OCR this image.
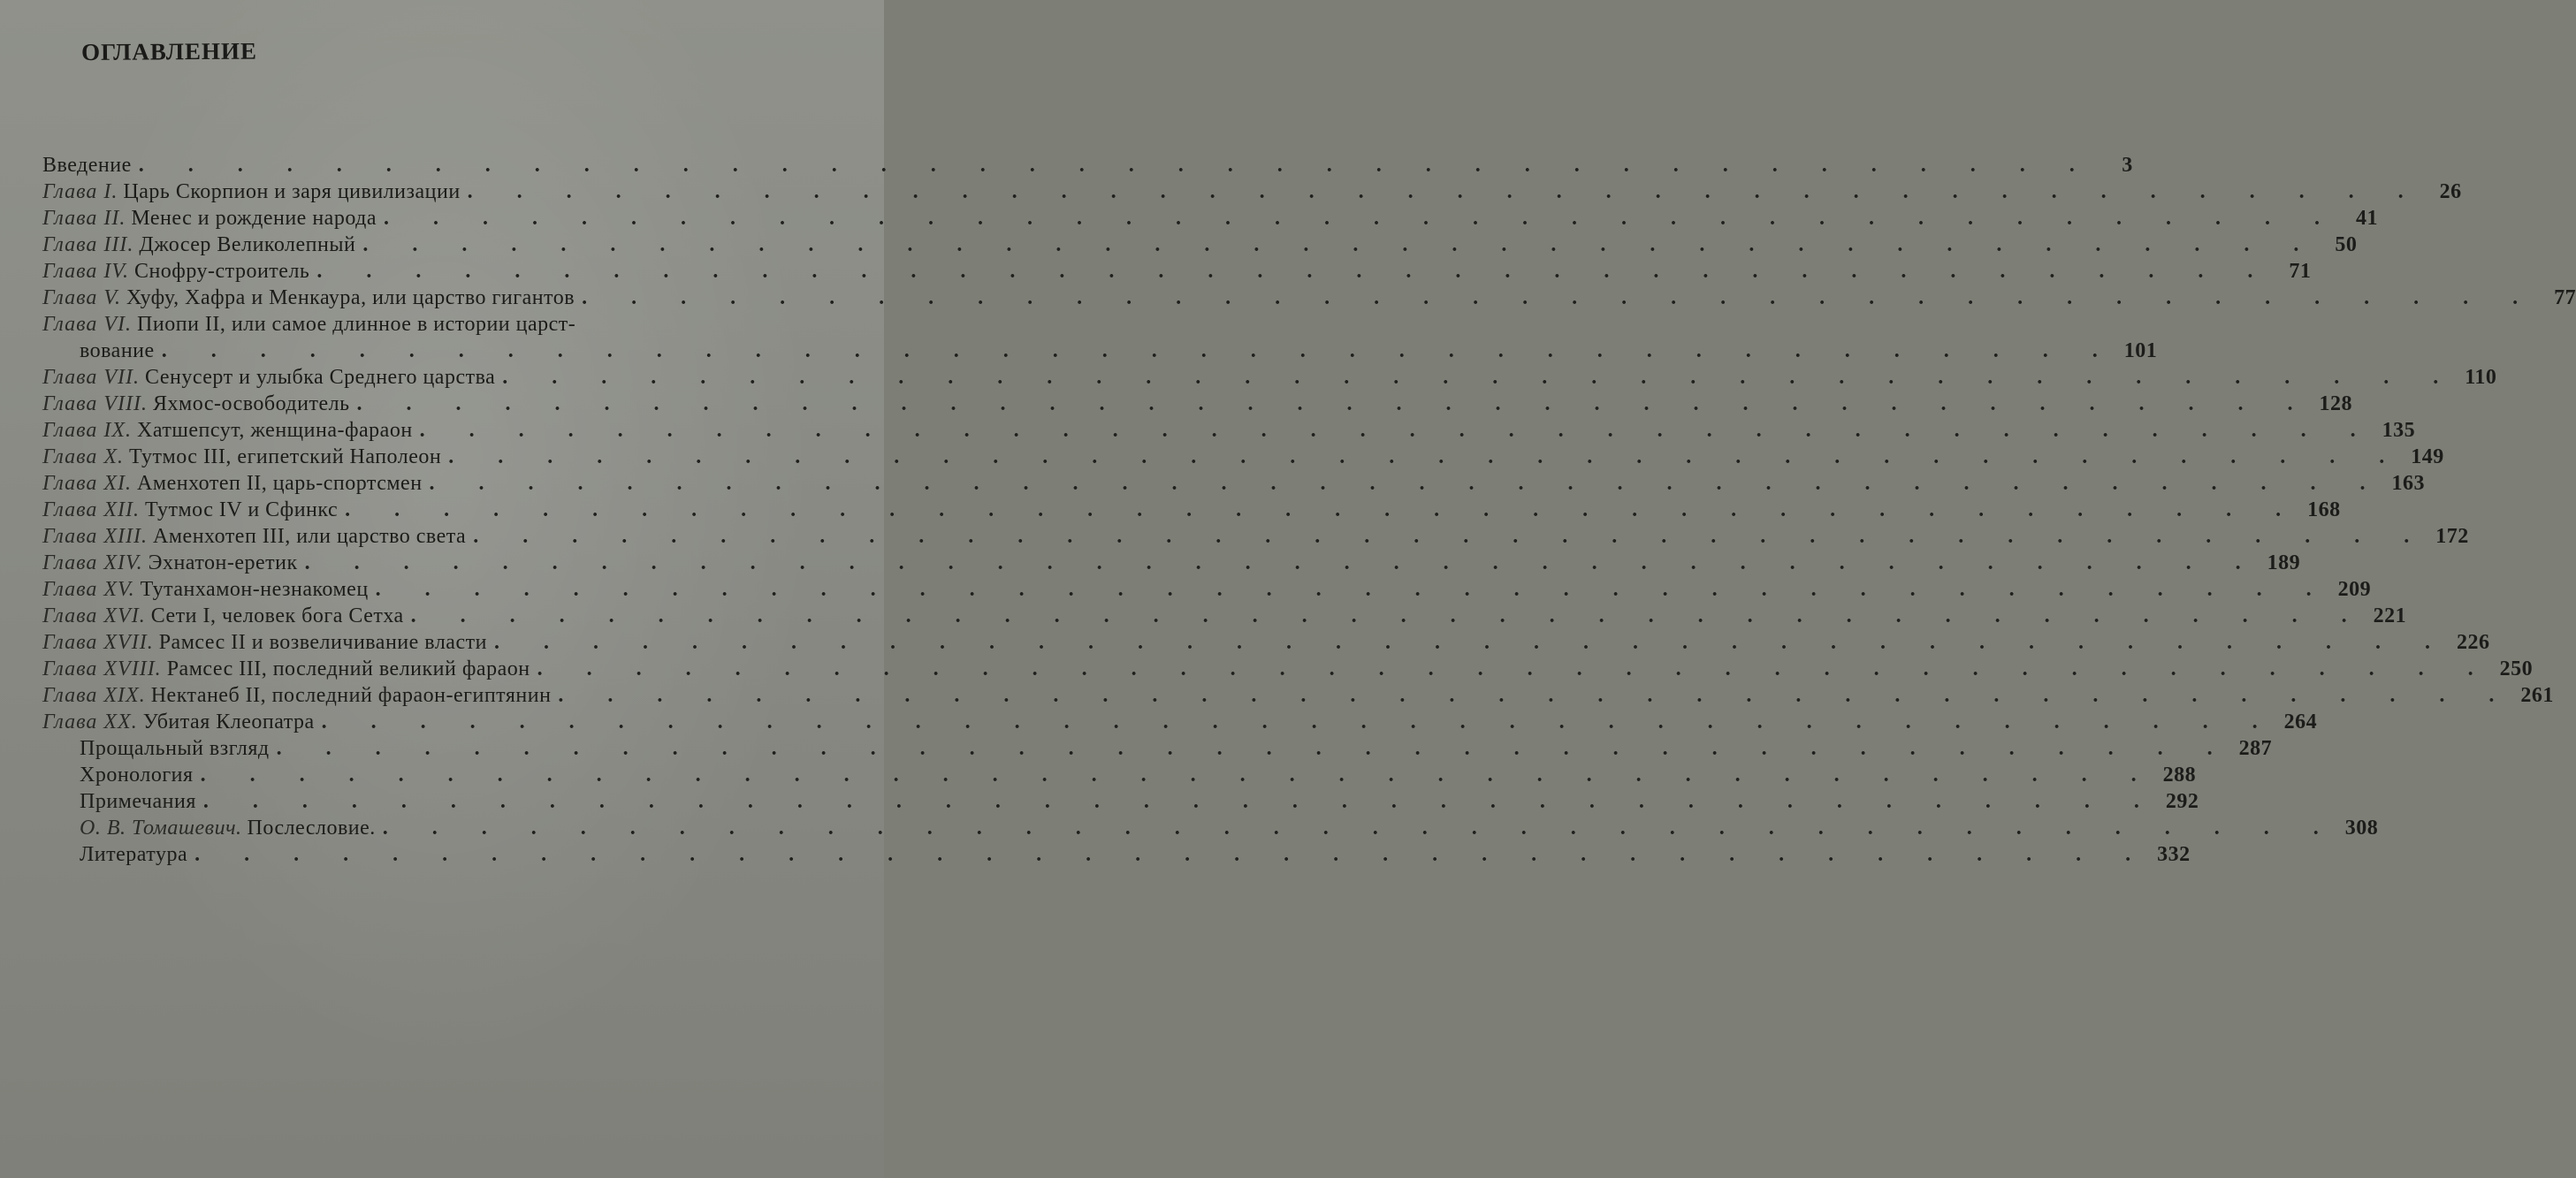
ОГЛАВЛЕНИЕ
Введение . . . . . . . . . . . . . . . . . . . . . . . . . . . . . . . . . . . . . . . .	3
Глава I.
Царь Скорпион и заря цивилизации . . . . . . . . . . . . . . . . . . . . . . . . . . . . . . . . . . . . . . . . 26
Глава II.
Менес и рождение народа . . . . . . . . . . . . . . . . . . . . . . . . . . . . . . . . . . . . . . . . 41
Глава III.
Джосер Великолепный . . . . . . . . . . . . . . . . . . . . . . . . . . . . . . . . . . . . . . . . 50
Глава IV.
Снофру-строитель . . . . . . . . . . . . . . . . . . . . . . . . . . . . . . . . . . . . . . . . 71
Глава V.
Хуфу, Хафра и Менкаура, или царство гигантов . . . . . . . . . . . . . . . . . . . . . . . . . . . . . . . . . . . . . . . . 77
Глава VI.
Пиопи II, или самое длинное в истории царст-
вование . . . . . . . . . . . . . . . . . . . . . . . . . . . . . . . . . . . . . . . . 101
Глава VII.
Сенусерт и улыбка Среднего царства . . . . . . . . . . . . . . . . . . . . . . . . . . . . . . . . . . . . . . . . 110
Глава VIII.
Яхмос-освободитель . . . . . . . . . . . . . . . . . . . . . . . . . . . . . . . . . . . . . . . . 128
Глава IX.
Хатшепсут, женщина-фараон . . . . . . . . . . . . . . . . . . . . . . . . . . . . . . . . . . . . . . . . 135
Глава X.
Тутмос III, египетский Наполеон . . . . . . . . . . . . . . . . . . . . . . . . . . . . . . . . . . . . . . . . 149
Глава XI.
Аменхотеп II, царь-спортсмен . . . . . . . . . . . . . . . . . . . . . . . . . . . . . . . . . . . . . . . . 163
Глава XII.
Тутмос IV и Сфинкс . . . . . . . . . . . . . . . . . . . . . . . . . . . . . . . . . . . . . . . . 168
Глава XIII.
Аменхотеп III, или царство света . . . . . . . . . . . . . . . . . . . . . . . . . . . . . . . . . . . . . . . . 172
Глава XIV.
Эхнатон-еретик . . . . . . . . . . . . . . . . . . . . . . . . . . . . . . . . . . . . . . . . 189
Глава XV.
Тутанхамон-незнакомец . . . . . . . . . . . . . . . . . . . . . . . . . . . . . . . . . . . . . . . . 209
Глава XVI.
Сети I, человек бога Сетха . . . . . . . . . . . . . . . . . . . . . . . . . . . . . . . . . . . . . . . . 221
Глава XVII.
Рамсес II и возвеличивание власти . . . . . . . . . . . . . . . . . . . . . . . . . . . . . . . . . . . . . . . . 226
Глава XVIII.
Рамсес III, последний великий фараон . . . . . . . . . . . . . . . . . . . . . . . . . . . . . . . . . . . . . . . . 250
Глава XIX.
Нектанеб II, последний фараон-египтянин . . . . . . . . . . . . . . . . . . . . . . . . . . . . . . . . . . . . . . . . 261
Глава XX.
Убитая Клеопатра . . . . . . . . . . . . . . . . . . . . . . . . . . . . . . . . . . . . . . . . 264
Прощальный взгляд . . . . . . . . . . . . . . . . . . . . . . . . . . . . . . . . . . . . . . . . 287
Хронология . . . . . . . . . . . . . . . . . . . . . . . . . . . . . . . . . . . . . . . . 288
Примечания . . . . . . . . . . . . . . . . . . . . . . . . . . . . . . . . . . . . . . . . 292
О. В. Томашевич.
Послесловие. . . . . . . . . . . . . . . . . . . . . . . . . . . . . . . . . . . . . . . . . 308
Литература . . . . . . . . . . . . . . . . . . . . . . . . . . . . . . . . . . . . . . . . 332
